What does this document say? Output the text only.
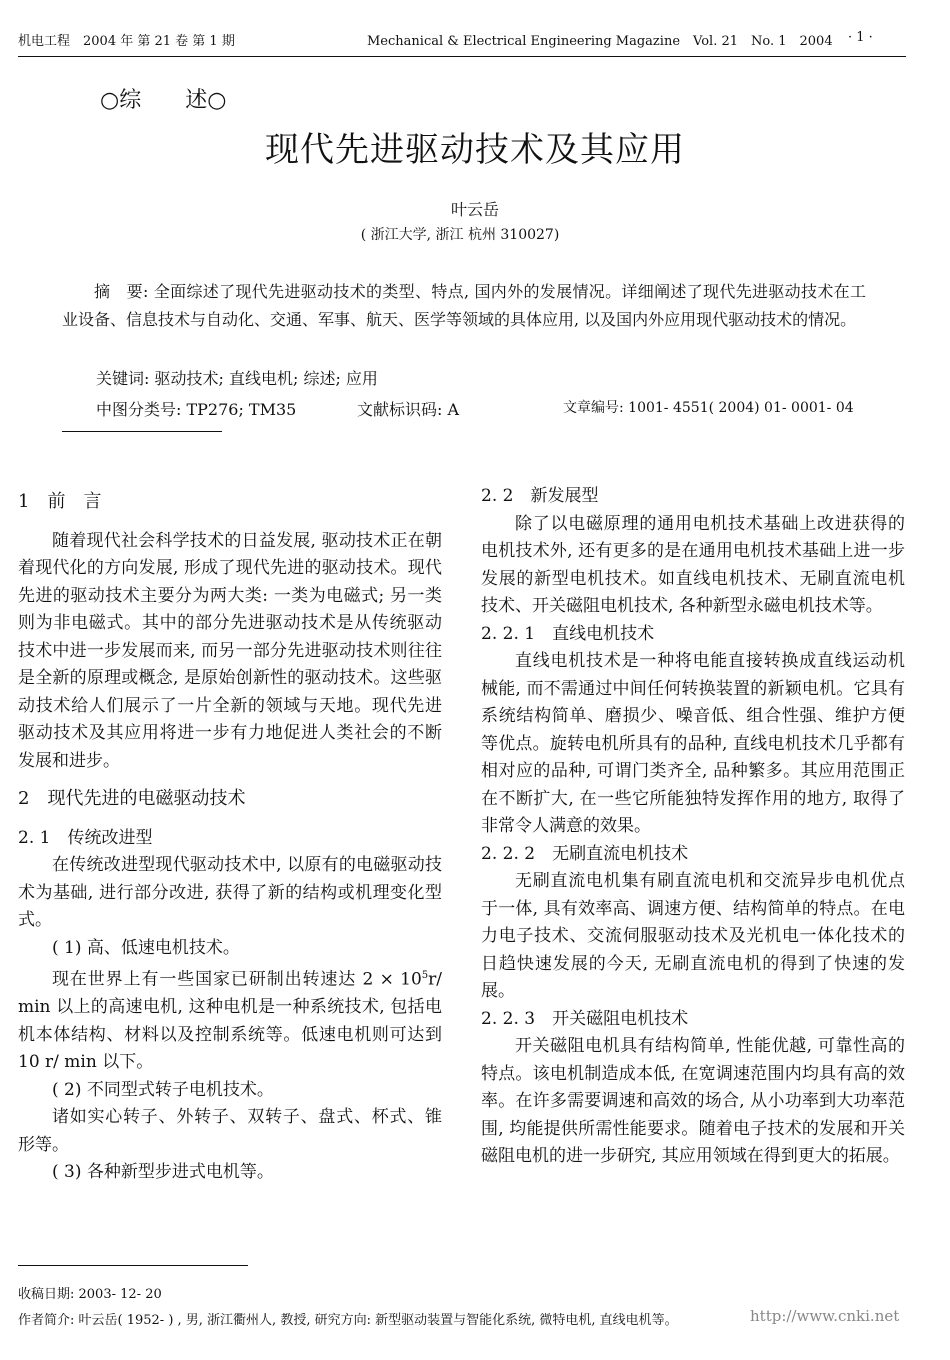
机电工程　2004 年 第 21 卷 第 1 期	Mechanical & Electrical Engineering Magazine　Vol. 21　No. 1　2004 · 1 ·
○综　　述○
现代先进驱动技术及其应用
叶云岳
( 浙江大学, 浙江 杭州 310027)
摘　要: 全面综述了现代先进驱动技术的类型、特点, 国内外的发展情况。详细阐述了现代先进驱动技术在工业设备、信息技术与自动化、交通、军事、航天、医学等领域的具体应用, 以及国内外应用现代驱动技术的情况。
关键词: 驱动技术; 直线电机; 综述; 应用
中图分类号: TP276; TM35	文献标识码: A	文章编号: 1001- 4551( 2004) 01- 0001- 04

1　前　言

随着现代社会科学技术的日益发展, 驱动技术正在朝着现代化的方向发展, 形成了现代先进的驱动技术。现代先进的驱动技术主要分为两大类: 一类为电磁式; 另一类则为非电磁式。其中的部分先进驱动技术是从传统驱动技术中进一步发展而来, 而另一部分先进驱动技术则往往是全新的原理或概念, 是原始创新性的驱动技术。这些驱动技术给人们展示了一片全新的领域与天地。现代先进驱动技术及其应用将进一步有力地促进人类社会的不断发展和进步。

2　现代先进的电磁驱动技术

2. 1　传统改进型

在传统改进型现代驱动技术中, 以原有的电磁驱动技术为基础, 进行部分改进, 获得了新的结构或机理变化型式。

( 1) 高、低速电机技术。

现在世界上有一些国家已研制出转速达 $2 \times 10^5r/$ min 以上的高速电机, 这种电机是一种系统技术, 包括电机本体结构、材料以及控制系统等。低速电机则可达到 10 r/ min 以下。

( 2) 不同型式转子电机技术。

诸如实心转子、外转子、双转子、盘式、杯式、锥形等。

( 3) 各种新型步进式电机等。

2. 2　新发展型

除了以电磁原理的通用电机技术基础上改进获得的电机技术外, 还有更多的是在通用电机技术基础上进一步发展的新型电机技术。如直线电机技术、无刷直流电机技术、开关磁阻电机技术, 各种新型永磁电机技术等。

2. 2. 1　直线电机技术

直线电机技术是一种将电能直接转换成直线运动机械能, 而不需通过中间任何转换装置的新颖电机。它具有系统结构简单、磨损少、噪音低、组合性强、维护方便等优点。旋转电机所具有的品种, 直线电机技术几乎都有相对应的品种, 可谓门类齐全, 品种繁多。其应用范围正在不断扩大, 在一些它所能独特发挥作用的地方, 取得了非常令人满意的效果。

2. 2. 2　无刷直流电机技术

无刷直流电机集有刷直流电机和交流异步电机优点于一体, 具有效率高、调速方便、结构简单的特点。在电力电子技术、交流伺服驱动技术及光机电一体化技术的日趋快速发展的今天, 无刷直流电机的得到了快速的发展。

2. 2. 3　开关磁阻电机技术

开关磁阻电机具有结构简单, 性能优越, 可靠性高的特点。该电机制造成本低, 在宽调速范围内均具有高的效率。在许多需要调速和高效的场合, 从小功率到大功率范围, 均能提供所需性能要求。随着电子技术的发展和开关磁阻电机的进一步研究, 其应用领域在得到更大的拓展。

收稿日期: 2003- 12- 20
作者简介: 叶云岳( 1952- ) , 男, 浙江衢州人, 教授, 研究方向: 新型驱动装置与智能化系统, 微特电机, 直线电机等。	http://www.cnki.net
